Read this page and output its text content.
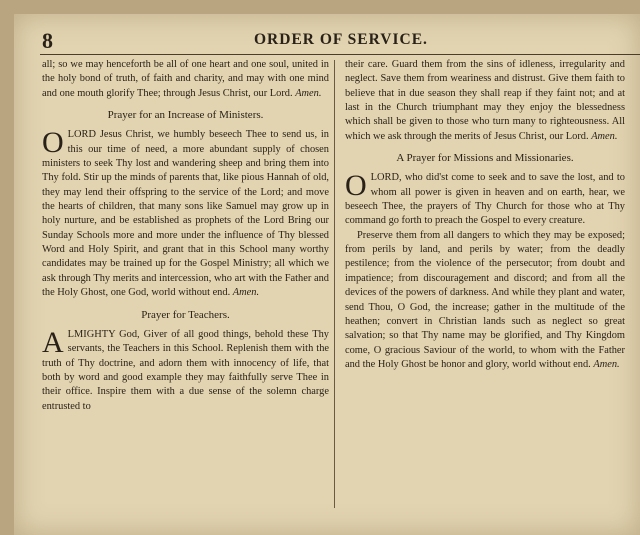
8	ORDER OF SERVICE.

all; so we may henceforth be all of one heart and one soul, united in the holy bond of truth, of faith and charity, and may with one mind and one mouth glorify Thee; through Jesus Christ, our Lord. Amen.

Prayer for an Increase of Ministers.

OLORD Jesus Christ, we humbly beseech Thee to send us, in this our time of need, a more abundant supply of chosen ministers to seek Thy lost and wandering sheep and bring them into Thy fold. Stir up the minds of parents that, like pious Hannah of old, they may lend their offspring to the service of the Lord; and move the hearts of children, that many sons like Samuel may grow up in holy nurture, and be established as prophets of the Lord Bring our Sunday Schools more and more under the influence of Thy blessed Word and Holy Spirit, and grant that in this School many worthy candidates may be trained up for the Gospel Ministry; all which we ask through Thy merits and intercession, who art with the Father and the Holy Ghost, one God, world without end. Amen.

Prayer for Teachers.

ALMIGHTY God, Giver of all good things, behold these Thy servants, the Teachers in this School. Replenish them with the truth of Thy doctrine, and adorn them with innocency of life, that both by word and good example they may faithfully serve Thee in their office. Inspire them with a due sense of the solemn charge entrusted to

their care. Guard them from the sins of idleness, irregularity and neglect. Save them from weariness and distrust. Give them faith to believe that in due season they shall reap if they faint not; and at last in the Church triumphant may they enjoy the blessedness which shall be given to those who turn many to righteousness. All which we ask through the merits of Jesus Christ, our Lord. Amen.

A Prayer for Missions and Missionaries.

OLORD, who did'st come to seek and to save the lost, and to whom all power is given in heaven and on earth, hear, we beseech Thee, the prayers of Thy Church for those who at Thy command go forth to preach the Gospel to every creature.

Preserve them from all dangers to which they may be exposed; from perils by land, and perils by water; from the deadly pestilence; from the violence of the persecutor; from doubt and impatience; from discouragement and discord; and from all the devices of the powers of darkness. And while they plant and water, send Thou, O God, the increase; gather in the multitude of the heathen; convert in Christian lands such as neglect so great salvation; so that Thy name may be glorified, and Thy Kingdom come, O gracious Saviour of the world, to whom with the Father and the Holy Ghost be honor and glory, world without end. Amen.
